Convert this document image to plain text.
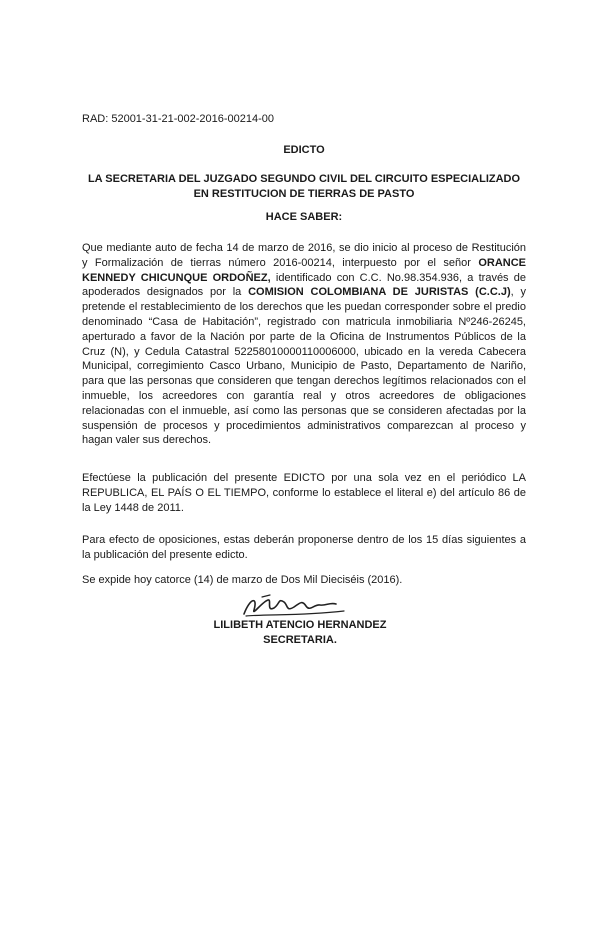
RAD: 52001-31-21-002-2016-00214-00
EDICTO
LA SECRETARIA DEL JUZGADO SEGUNDO CIVIL DEL CIRCUITO ESPECIALIZADO
EN RESTITUCION DE TIERRAS DE PASTO
HACE SABER:
Que mediante auto de fecha 14 de marzo de 2016, se dio inicio al proceso de Restitución y Formalización de tierras número 2016-00214, interpuesto por el señor ORANCE KENNEDY CHICUNQUE ORDOÑEZ, identificado con C.C. No.98.354.936, a través de apoderados designados por la COMISION COLOMBIANA DE JURISTAS (C.C.J), y pretende el restablecimiento de los derechos que les puedan corresponder sobre el predio denominado “Casa de Habitación”, registrado con matricula inmobiliaria Nº246-26245, aperturado a favor de la Nación por parte de la Oficina de Instrumentos Públicos de la Cruz (N), y Cedula Catastral 52258010000110006000, ubicado en la vereda Cabecera Municipal, corregimiento Casco Urbano, Municipio de Pasto, Departamento de Nariño, para que las personas que consideren que tengan derechos legítimos relacionados con el inmueble, los acreedores con garantía real y otros acreedores de obligaciones relacionadas con el inmueble, así como las personas que se consideren afectadas por la suspensión de procesos y procedimientos administrativos comparezcan al proceso y hagan valer sus derechos.
Efectúese la publicación del presente EDICTO por una sola vez en el periódico LA REPUBLICA, EL PAÍS O EL TIEMPO, conforme lo establece el literal e) del artículo 86 de la Ley 1448 de 2011.
Para efecto de oposiciones, estas deberán proponerse dentro de los 15 días siguientes a la publicación del presente edicto.
Se expide hoy catorce (14) de marzo de Dos Mil Dieciséis (2016).
LILIBETH ATENCIO HERNANDEZ
SECRETARIA.
